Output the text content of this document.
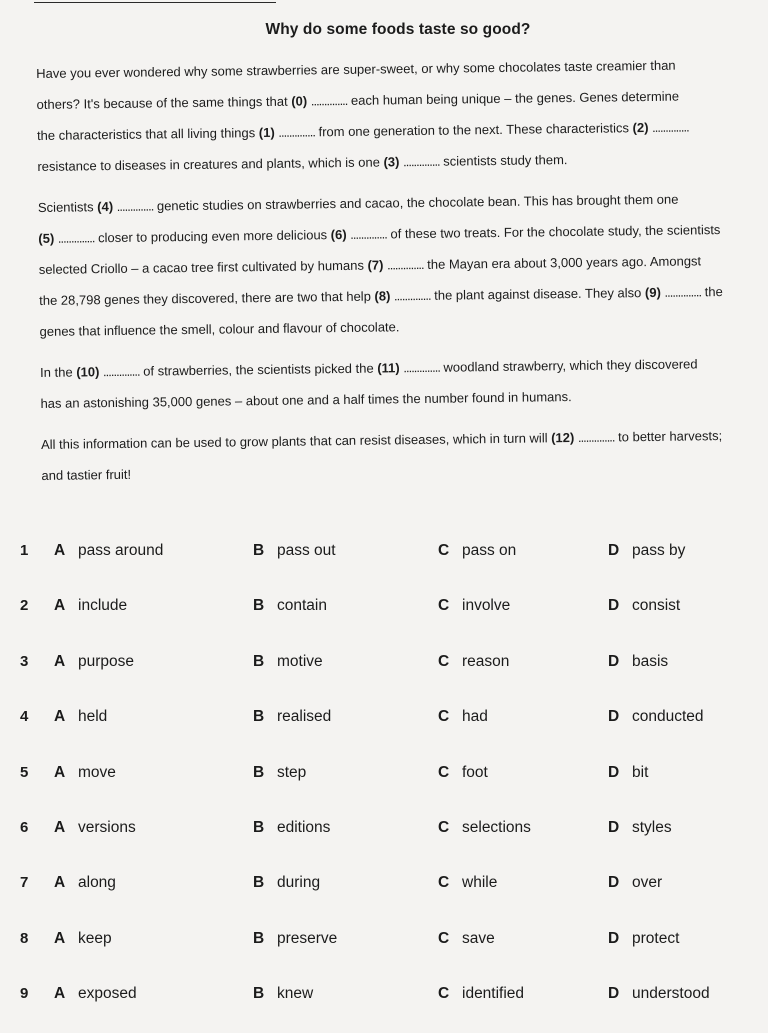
Why do some foods taste so good?
Have you ever wondered why some strawberries are super-sweet, or why some chocolates taste creamier than
others? It's because of the same things that (0) .............. each human being unique – the genes. Genes determine
the characteristics that all living things (1) .............. from one generation to the next. These characteristics (2) ..............
resistance to diseases in creatures and plants, which is one (3) .............. scientists study them.
Scientists (4) .............. genetic studies on strawberries and cacao, the chocolate bean. This has brought them one
(5) .............. closer to producing even more delicious (6) .............. of these two treats. For the chocolate study, the scientists
selected Criollo – a cacao tree first cultivated by humans (7) .............. the Mayan era about 3,000 years ago. Amongst
the 28,798 genes they discovered, there are two that help (8) .............. the plant against disease. They also (9) .............. the
genes that influence the smell, colour and flavour of chocolate.
In the (10) .............. of strawberries, the scientists picked the (11) .............. woodland strawberry, which they discovered
has an astonishing 35,000 genes – about one and a half times the number found in humans.
All this information can be used to grow plants that can resist diseases, which in turn will (12) .............. to better harvests;
and tastier fruit!
1 A pass around	B pass out	C pass on	D pass by
2 A include	B contain	C involve	D consist
3 A purpose	B motive	C reason	D basis
4 A held	B realised	C had	D conducted
5 A move	B step	C foot	D bit
6 A versions	B editions	C selections	D styles
7 A along	B during	C while	D over
8 A keep	B preserve	C save	D protect
9 A exposed	B knew	C identified	D understood
